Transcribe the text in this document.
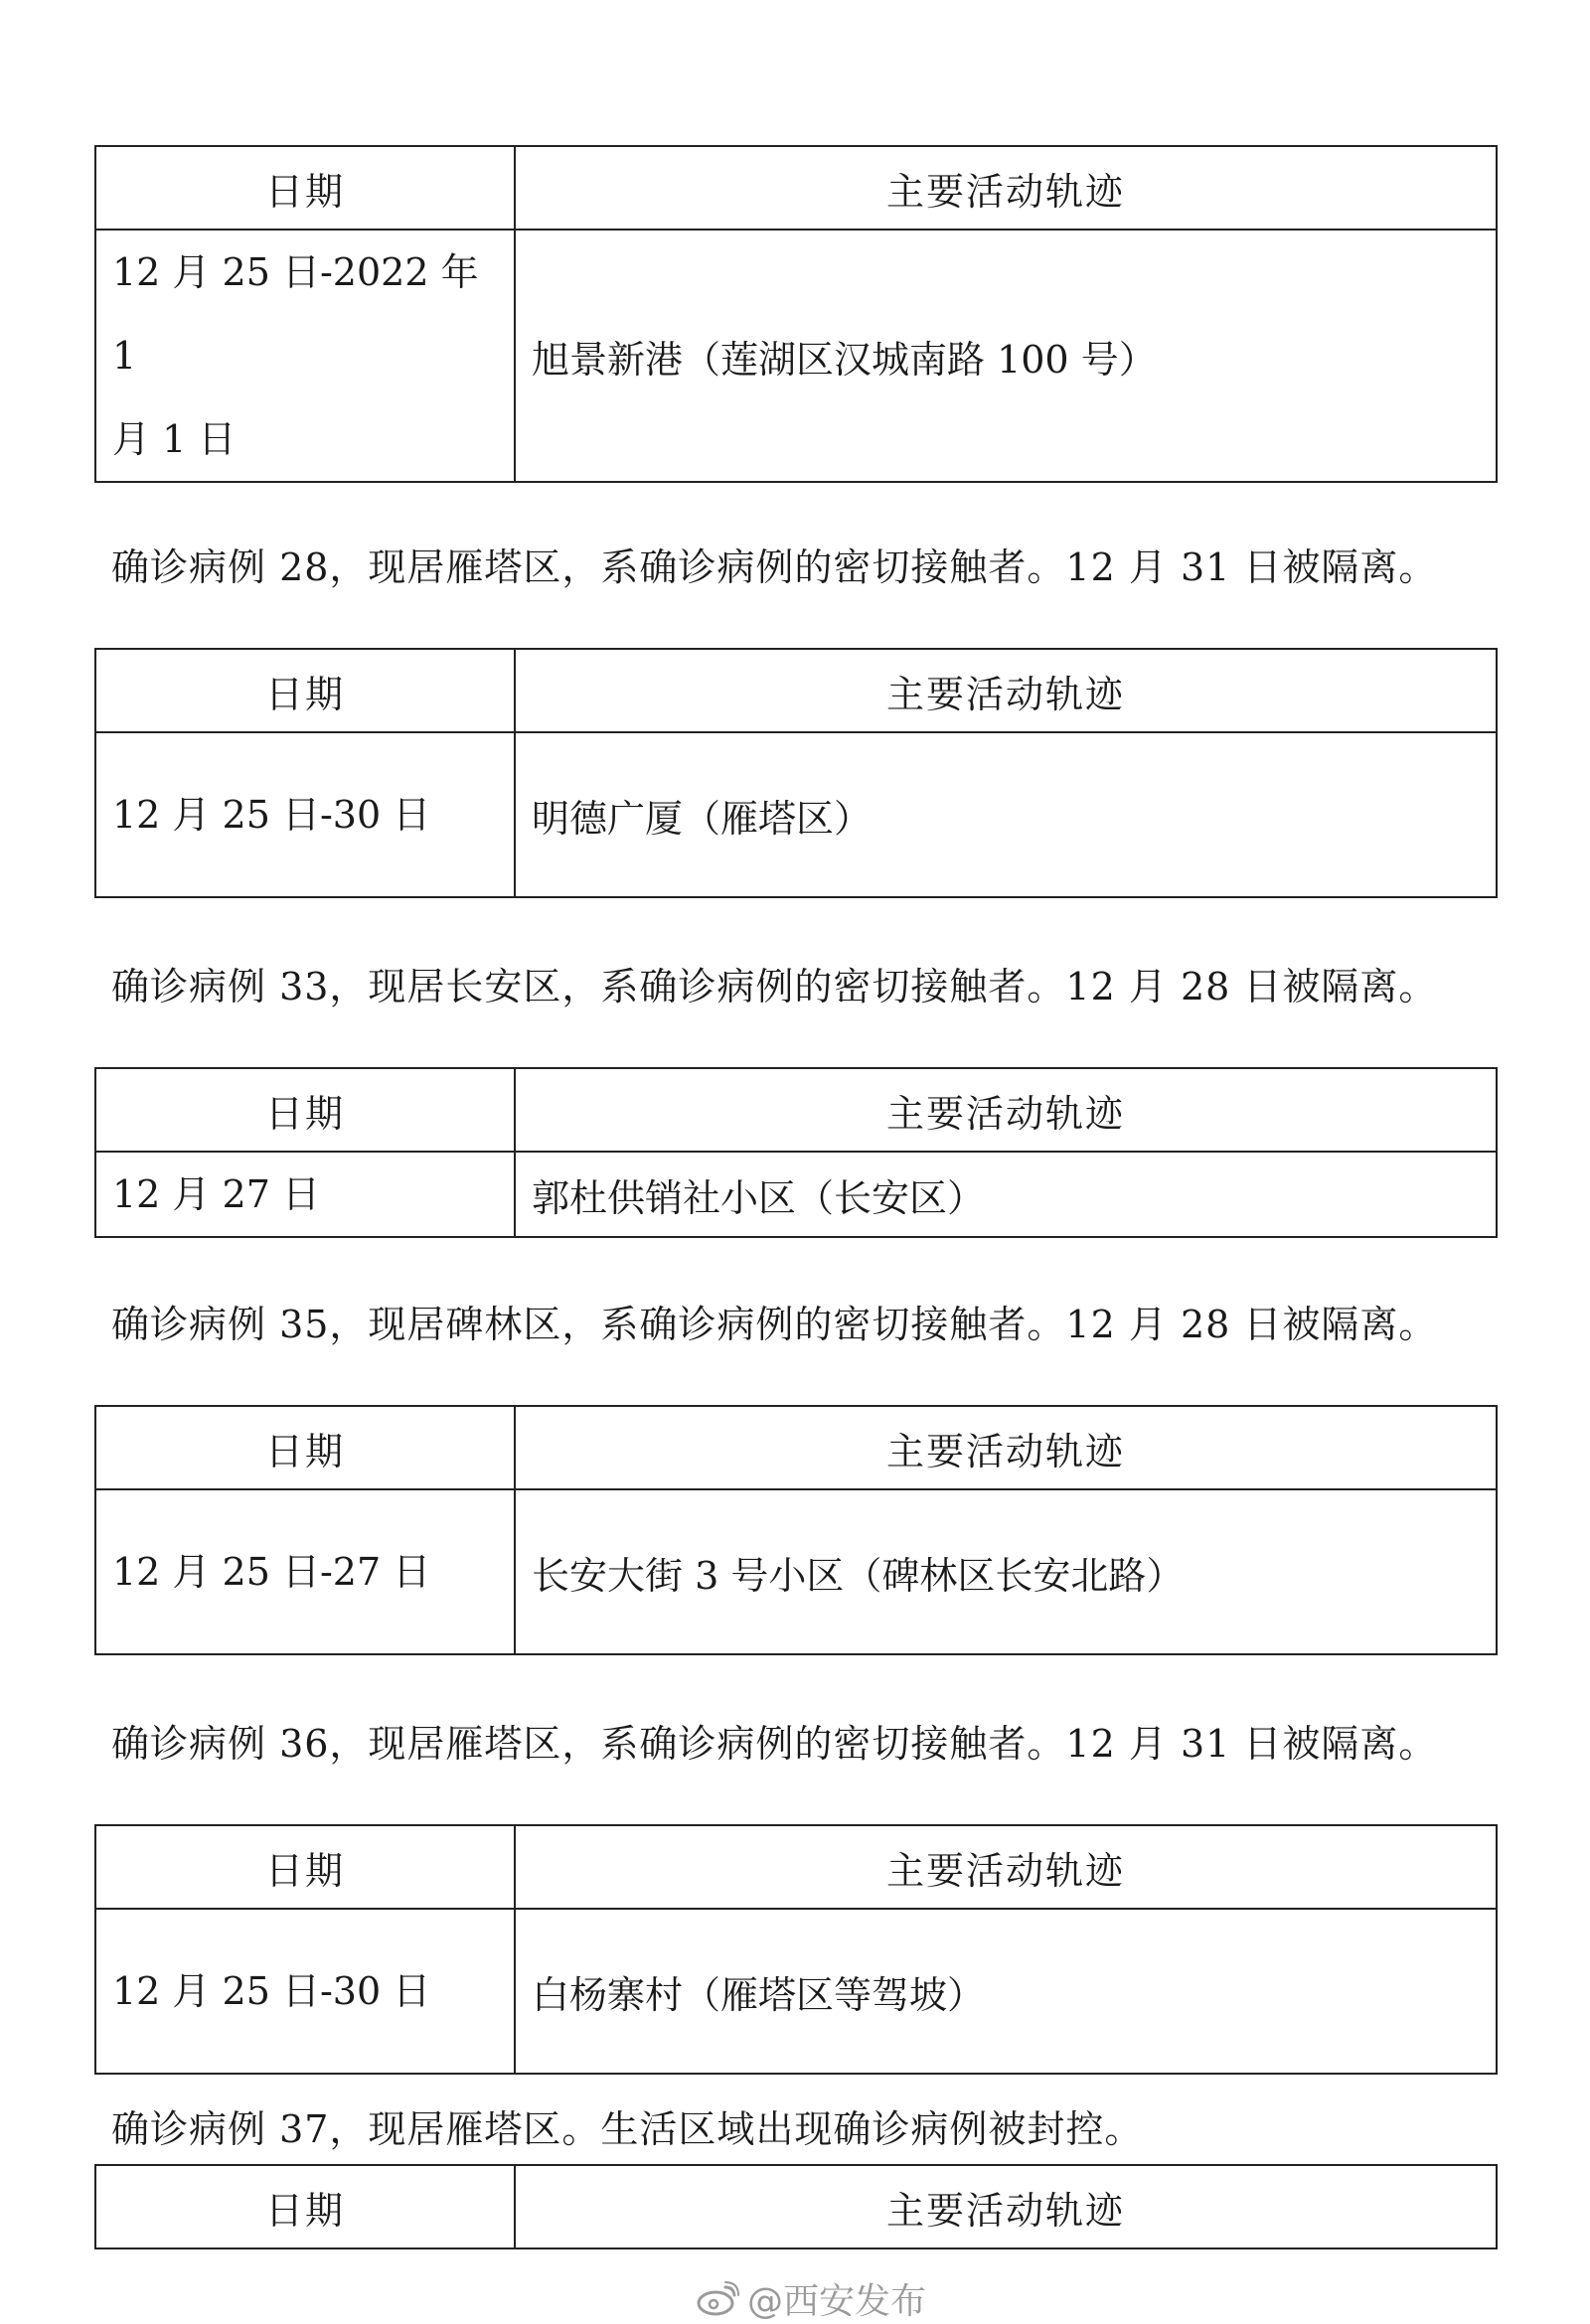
日期	主要活动轨迹

12 月 25 日-2022 年 1
月 1 日	旭景新港（莲湖区汉城南路 100 号）
确诊病例 28，现居雁塔区，系确诊病例的密切接触者。12 月 31 日被隔离。
日期	主要活动轨迹
12 月 25 日-30 日	明德广厦（雁塔区）
确诊病例 33，现居长安区，系确诊病例的密切接触者。12 月 28 日被隔离。
日期	主要活动轨迹
12 月 27 日	郭杜供销社小区（长安区）
确诊病例 35，现居碑林区，系确诊病例的密切接触者。12 月 28 日被隔离。
日期	主要活动轨迹
12 月 25 日-27 日	长安大街 3 号小区（碑林区长安北路）
确诊病例 36，现居雁塔区，系确诊病例的密切接触者。12 月 31 日被隔离。
日期	主要活动轨迹
12 月 25 日-30 日	白杨寨村（雁塔区等驾坡）
确诊病例 37，现居雁塔区。生活区域出现确诊病例被封控。
日期	主要活动轨迹
@西安发布
